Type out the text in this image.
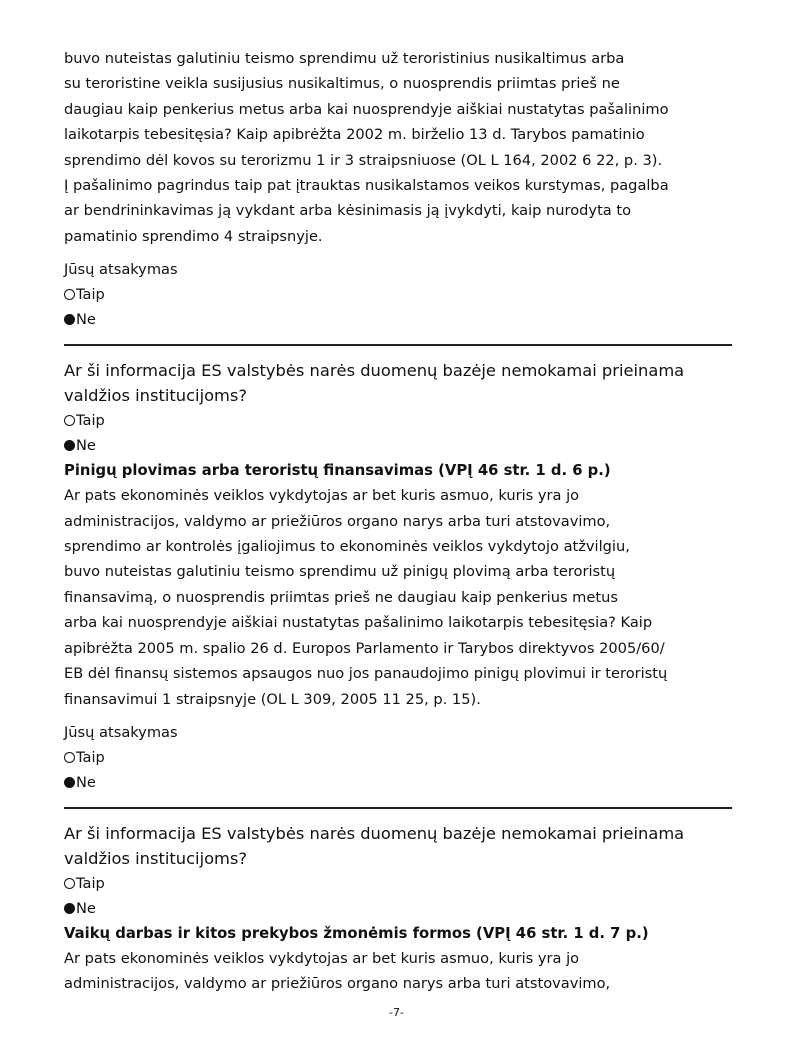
buvo nuteistas galutiniu teismo sprendimu už teroristinius nusikaltimus arba

su teroristine veikla susijusius nusikaltimus, o nuosprendis priimtas prieš ne

daugiau kaip penkerius metus arba kai nuosprendyje aiškiai nustatytas pašalinimo

laikotarpis tebesitęsia? Kaip apibrėžta 2002 m. birželio 13 d. Tarybos pamatinio

sprendimo dėl kovos su terorizmu 1 ir 3 straipsniuose (OL L 164, 2002 6 22, p. 3).

Į pašalinimo pagrindus taip pat įtrauktas nusikalstamos veikos kurstymas, pagalba

ar bendrininkavimas ją vykdant arba kėsinimasis ją įvykdyti, kaip nurodyta to

pamatinio sprendimo 4 straipsnyje.

Jūsų atsakymas
Taip
Ne

Ar ši informacija ES valstybės narės duomenų bazėje nemokamai prieinama

valdžios institucijoms?

Taip
Ne

Pinigų plovimas arba teroristų finansavimas (VPĮ 46 str. 1 d. 6 p.)

Ar pats ekonominės veiklos vykdytojas ar bet kuris asmuo, kuris yra jo

administracijos, valdymo ar priežiūros organo narys arba turi atstovavimo,

sprendimo ar kontrolės įgaliojimus to ekonominės veiklos vykdytojo atžvilgiu,

buvo nuteistas galutiniu teismo sprendimu už pinigų plovimą arba teroristų

finansavimą, o nuosprendis priimtas prieš ne daugiau kaip penkerius metus

arba kai nuosprendyje aiškiai nustatytas pašalinimo laikotarpis tebesitęsia? Kaip

apibrėžta 2005 m. spalio 26 d. Europos Parlamento ir Tarybos direktyvos 2005/60/

EB dėl finansų sistemos apsaugos nuo jos panaudojimo pinigų plovimui ir teroristų

finansavimui 1 straipsnyje (OL L 309, 2005 11 25, p. 15).

Jūsų atsakymas
Taip
Ne

Ar ši informacija ES valstybės narės duomenų bazėje nemokamai prieinama

valdžios institucijoms?

Taip
Ne

Vaikų darbas ir kitos prekybos žmonėmis formos (VPĮ 46 str. 1 d. 7 p.)

Ar pats ekonominės veiklos vykdytojas ar bet kuris asmuo, kuris yra jo

administracijos, valdymo ar priežiūros organo narys arba turi atstovavimo,

-7-
